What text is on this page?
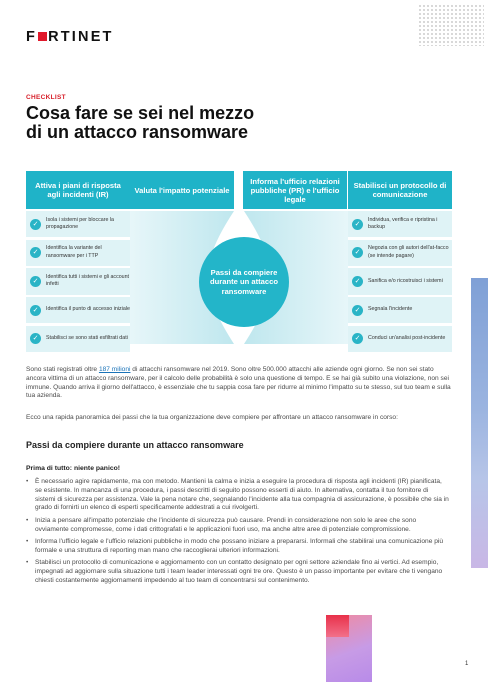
F RTINET
CHECKLIST
Cosa fare se sei nel mezzo
di un attacco ransomware
Attiva i piani di risposta agli incidenti (IR)	Valuta l'impatto potenziale
Informa l'ufficio relazioni pubbliche (PR) e l'ufficio legale
Stabilisci un protocollo di comunicazione
✓
Isola i sistemi per bloccare la propagazione
✓
Identifica la variante del ransomware per i TTP
✓
Identifica tutti i sistemi e gli account infetti
✓	Identifica il punto di accesso iniziale
✓	Stabilisci se sono stati esfiltrati dati
✓
Individua, verifica e ripristina i backup
✓
Negozia con gli autori dell'at-facco (se intende pagare)
✓	Sanifica e/o ricostruisci i sistemi
✓	Segnala l'incidente
✓	Conduci un'analisi post-incidente
Passi da compiere durante un attacco ransomware
Sono stati registrati oltre 187 milioni di attacchi ransomware nel 2019. Sono oltre 500.000 attacchi alle aziende ogni giorno. Se non sei stato ancora vittima di un attacco ransomware, per il calcolo delle probabilità è solo una questione di tempo. E se hai già subito una violazione, non sei immune. Quando arriva il giorno dell'attacco, è essenziale che tu sappia cosa fare per ridurre al minimo l'impatto su te stesso, sul tuo team e sulla tua azienda.
Ecco una rapida panoramica dei passi che la tua organizzazione deve compiere per affrontare un attacco ransomware in corso:
Passi da compiere durante un attacco ransomware
Prima di tutto: niente panico!
• È necessario agire rapidamente, ma con metodo. Mantieni la calma e inizia a eseguire la procedura di risposta agli incidenti (IR) pianificata, se esistente. In mancanza di una procedura, i passi descritti di seguito possono esserti di aiuto. In alternativa, contatta il tuo fornitore di sistemi di sicurezza per assistenza. Vale la pena notare che, segnalando l'incidente alla tua compagnia di assicurazione, è possibile che sia in grado di fornirti un elenco di esperti specificamente addestrati a cui rivolgerti.
• Inizia a pensare all'impatto potenziale che l'incidente di sicurezza può causare. Prendi in considerazione non solo le aree che sono ovviamente compromesse, come i dati crittografati e le applicazioni fuori uso, ma anche altre aree di potenziale compromissione.
• Informa l'ufficio legale e l'ufficio relazioni pubbliche in modo che possano iniziare a prepararsi. Informali che stabilirai una comunicazione più formale e una struttura di reporting man mano che raccoglierai ulteriori informazioni.
• Stabilisci un protocollo di comunicazione e aggiornamento con un contatto designato per ogni settore aziendale fino ai vertici. Ad esempio, impegnati ad aggiornare sulla situazione tutti i team leader interessati ogni tre ore. Questo è un passo importante per evitare che ti vengano chiesti costantemente aggiornamenti impedendo al tuo team di concentrarsi sul contenimento.
1
